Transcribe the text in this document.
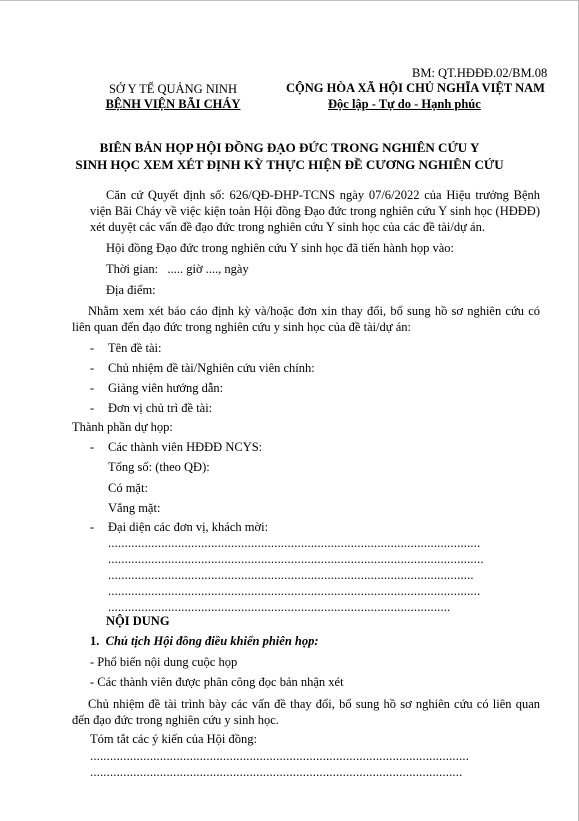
BM: QT.HĐĐĐ.02/BM.08
SỞ Y TẾ QUẢNG NINH
BỆNH VIỆN BÃI CHÁY
CỘNG HÒA XÃ HỘI CHỦ NGHĨA VIỆT NAM
Độc lập - Tự do - Hạnh phúc
BIÊN BẢN HỌP HỘI ĐỒNG ĐẠO ĐỨC TRONG NGHIÊN CỨU Y
SINH HỌC XEM XÉT ĐỊNH KỲ THỰC HIỆN ĐỀ CƯƠNG NGHIÊN CỨU
Căn cứ Quyết định số: 626/QĐ-ĐHP-TCNS ngày 07/6/2022 của Hiệu trưởng Bệnh viện Bãi Cháy về việc kiện toàn Hội đồng Đạo đức trong nghiên cứu Y sinh học (HĐĐĐ) xét duyệt các vấn đề đạo đức trong nghiên cứu Y sinh học của các đề tài/dự án.
Hội đồng Đạo đức trong nghiên cứu Y sinh học đã tiến hành họp vào:
Thời gian: ..... giờ ...., ngày
Địa điểm:
Nhằm xem xét báo cáo định kỳ và/hoặc đơn xin thay đổi, bổ sung hồ sơ nghiên cứu có liên quan đến đạo đức trong nghiên cứu y sinh học của đề tài/dự án:
- Tên đề tài:
- Chủ nhiệm đề tài/Nghiên cứu viên chính:
- Giảng viên hướng dẫn:
- Đơn vị chủ trì đề tài:
Thành phần dự họp:
- Các thành viên HĐĐĐ NCYS:
Tổng số: (theo QĐ):
Có mặt:
Vắng mặt:
- Đại diện các đơn vị, khách mời:
................................................................................................................
.................................................................................................................
..............................................................................................................
................................................................................................................
.......................................................................................................
NỘI DUNG
1. Chủ tịch Hội đồng điều khiển phiên họp:
- Phổ biến nội dung cuộc họp
- Các thành viên được phân công đọc bản nhận xét
Chủ nhiệm đề tài trình bày các vấn đề thay đổi, bổ sung hồ sơ nghiên cứu có liên quan đến đạo đức trong nghiên cứu y sinh học.
Tóm tắt các ý kiến của Hội đồng:
..................................................................................................................
................................................................................................................
